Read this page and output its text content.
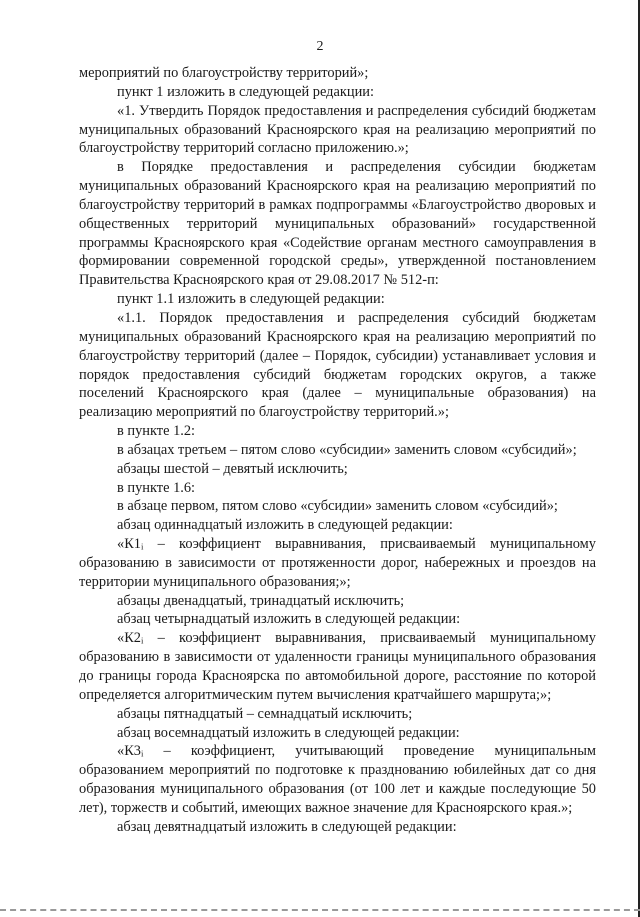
2

мероприятий по благоустройству территорий»;

пункт 1 изложить в следующей редакции:

«1. Утвердить Порядок предоставления и распределения субсидий бюджетам муниципальных образований Красноярского края на реализацию мероприятий по благоустройству территорий согласно приложению.»;

в Порядке предоставления и распределения субсидии бюджетам муниципальных образований Красноярского края на реализацию мероприятий по благоустройству территорий в рамках подпрограммы «Благоустройство дворовых и общественных территорий муниципальных образований» государственной программы Красноярского края «Содействие органам местного самоуправления в формировании современной городской среды», утвержденной постановлением Правительства Красноярского края от 29.08.2017 № 512-п:

пункт 1.1 изложить в следующей редакции:

«1.1. Порядок предоставления и распределения субсидий бюджетам муниципальных образований Красноярского края на реализацию мероприятий по благоустройству территорий (далее – Порядок, субсидии) устанавливает условия и порядок предоставления субсидий бюджетам городских округов, а также поселений Красноярского края (далее – муниципальные образования) на реализацию мероприятий по благоустройству территорий.»;

в пункте 1.2:

в абзацах третьем – пятом слово «субсидии» заменить словом «субсидий»;

абзацы шестой – девятый исключить;

в пункте 1.6:

в абзаце первом, пятом слово «субсидии» заменить словом «субсидий»;

абзац одиннадцатый изложить в следующей редакции:

«К1ᵢ – коэффициент выравнивания, присваиваемый муниципальному образованию в зависимости от протяженности дорог, набережных и проездов на территории муниципального образования;»;

абзацы двенадцатый, тринадцатый исключить;

абзац четырнадцатый изложить в следующей редакции:

«К2ᵢ – коэффициент выравнивания, присваиваемый муниципальному образованию в зависимости от удаленности границы муниципального образования до границы города Красноярска по автомобильной дороге, расстояние по которой определяется алгоритмическим путем вычисления кратчайшего маршрута;»;

абзацы пятнадцатый – семнадцатый исключить;

абзац восемнадцатый изложить в следующей редакции:

«К3ᵢ – коэффициент, учитывающий проведение муниципальным образованием мероприятий по подготовке к празднованию юбилейных дат со дня образования муниципального образования (от 100 лет и каждые последующие 50 лет), торжеств и событий, имеющих важное значение для Красноярского края.»;

абзац девятнадцатый изложить в следующей редакции:
